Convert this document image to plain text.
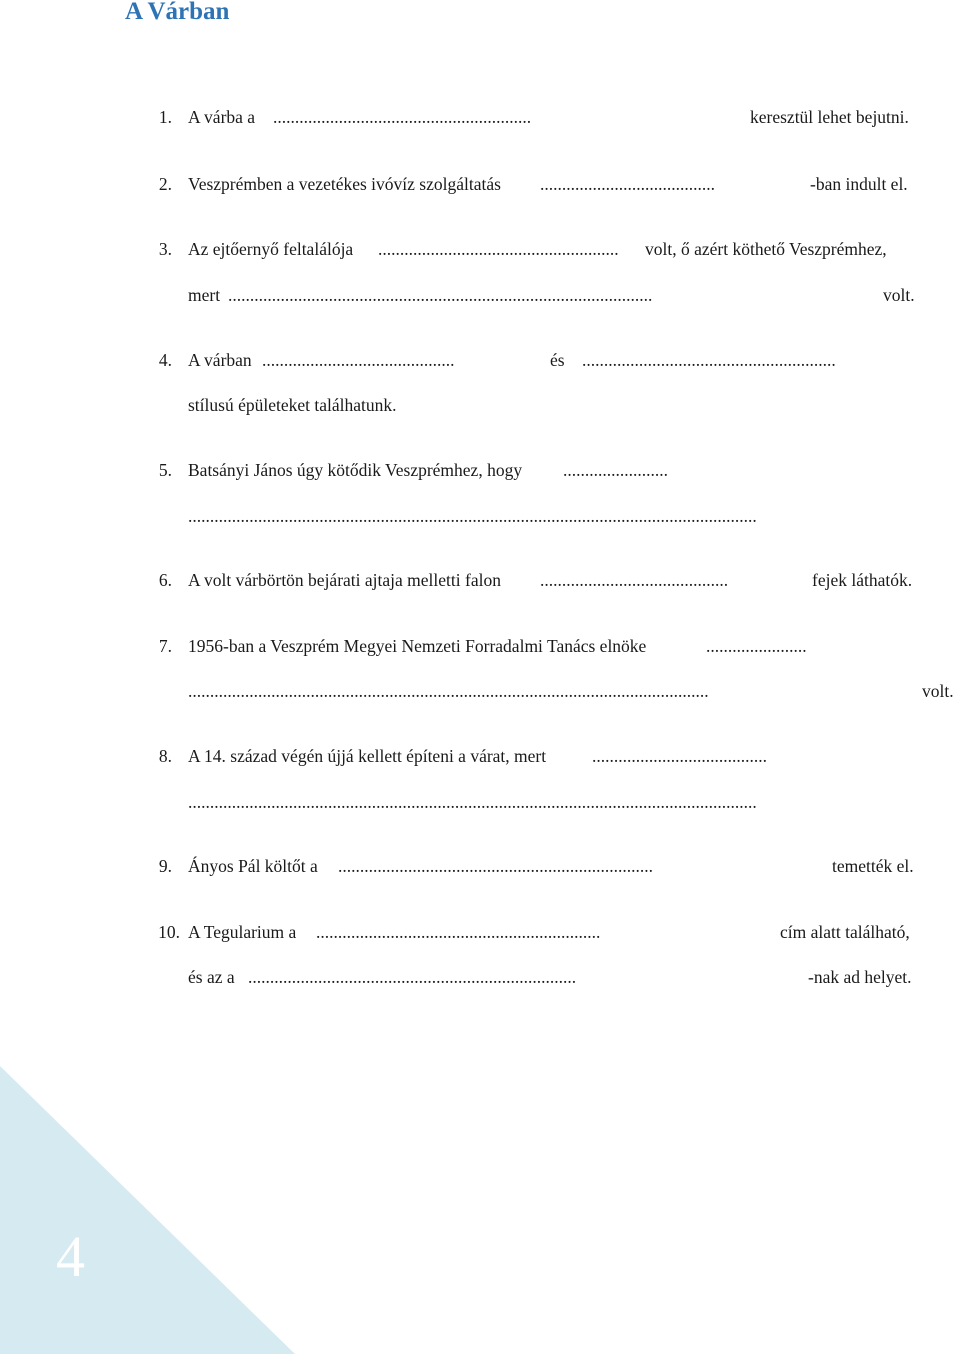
A Várban
1. A várba a ...........................................................	keresztül lehet bejutni.
2. Veszprémben a vezetékes ivóvíz szolgáltatás ........................................	-ban indult el.
3. Az ejtőernyő feltalálója ....................................................... volt, ő azért köthető Veszprémhez,
mert .................................................................................................	volt.
4. A várban ............................................	és ..........................................................
stílusú épületeket találhatunk.
5. Batsányi János úgy kötődik Veszprémhez, hogy ........................
..................................................................................................................................
6. A volt várbörtön bejárati ajtaja melletti falon ...........................................	fejek láthatók.
7. 1956-ban a Veszprém Megyei Nemzeti Forradalmi Tanács elnöke	.......................
.......................................................................................................................	volt.
8. A 14. század végén újjá kellett építeni a várat, mert	........................................
..................................................................................................................................
9. Ányos Pál költőt a ........................................................................	temették el.
10. A Tegularium a .................................................................	cím alatt található,
és az a ...........................................................................	-nak ad helyet.
4
